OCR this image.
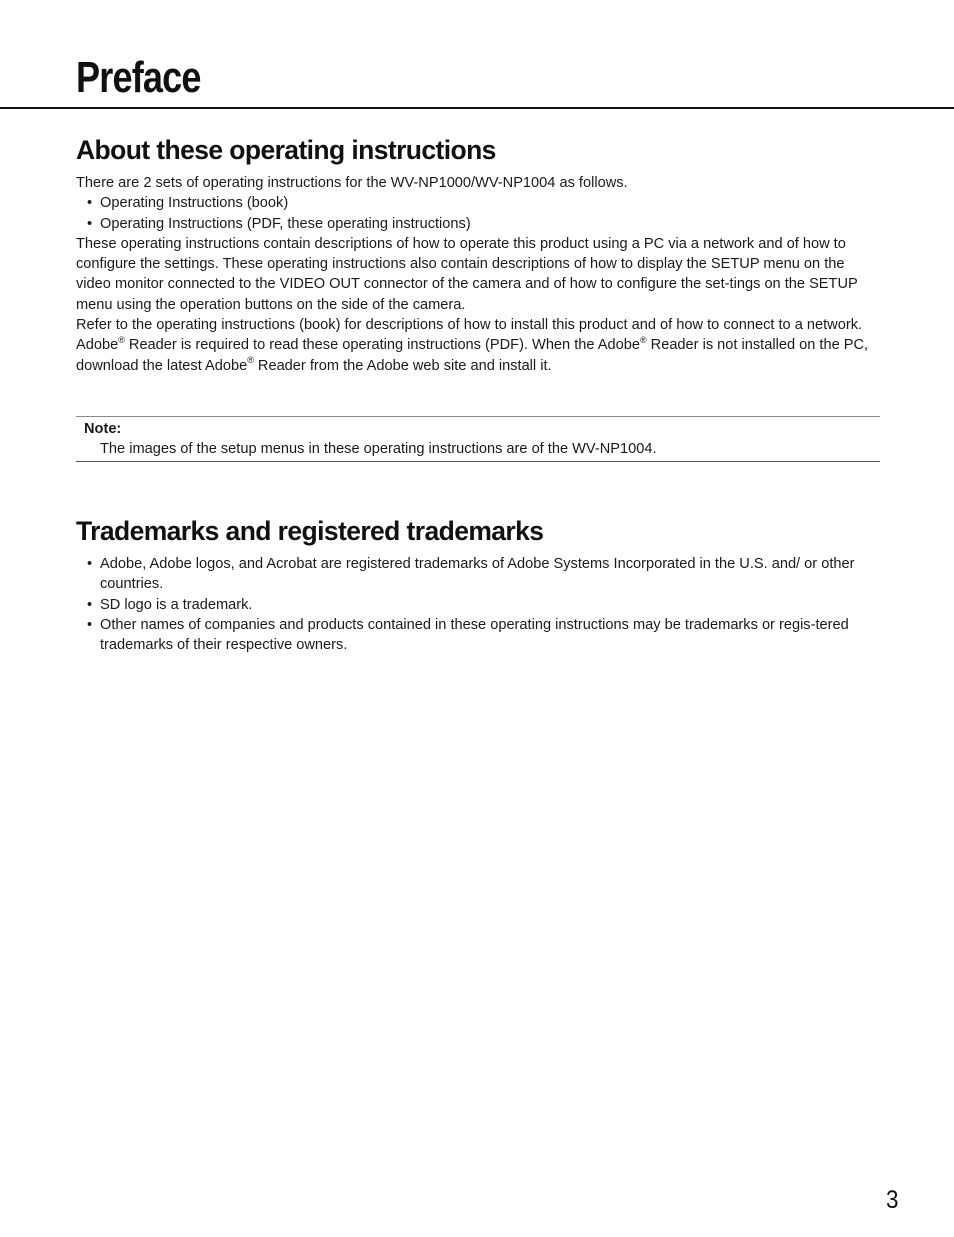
Preface
About these operating instructions

There are 2 sets of operating instructions for the WV-NP1000/WV-NP1004 as follows.

• Operating Instructions (book)
• Operating Instructions (PDF, these operating instructions)

These operating instructions contain descriptions of how to operate this product using a PC via a network and of how to configure the settings. These operating instructions also contain descriptions of how to display the SETUP menu on the video monitor connected to the VIDEO OUT connector of the camera and of how to configure the set-tings on the SETUP menu using the operation buttons on the side of the camera.

Refer to the operating instructions (book) for descriptions of how to install this product and of how to connect to a network.

Adobe® Reader is required to read these operating instructions (PDF). When the Adobe® Reader is not installed on the PC, download the latest Adobe® Reader from the Adobe web site and install it.

Note:

The images of the setup menus in these operating instructions are of the WV-NP1004.

Trademarks and registered trademarks
• Adobe, Adobe logos, and Acrobat are registered trademarks of Adobe Systems Incorporated in the U.S. and/ or other countries.
• SD logo is a trademark.
• Other names of companies and products contained in these operating instructions may be trademarks or regis-tered trademarks of their respective owners.
3
